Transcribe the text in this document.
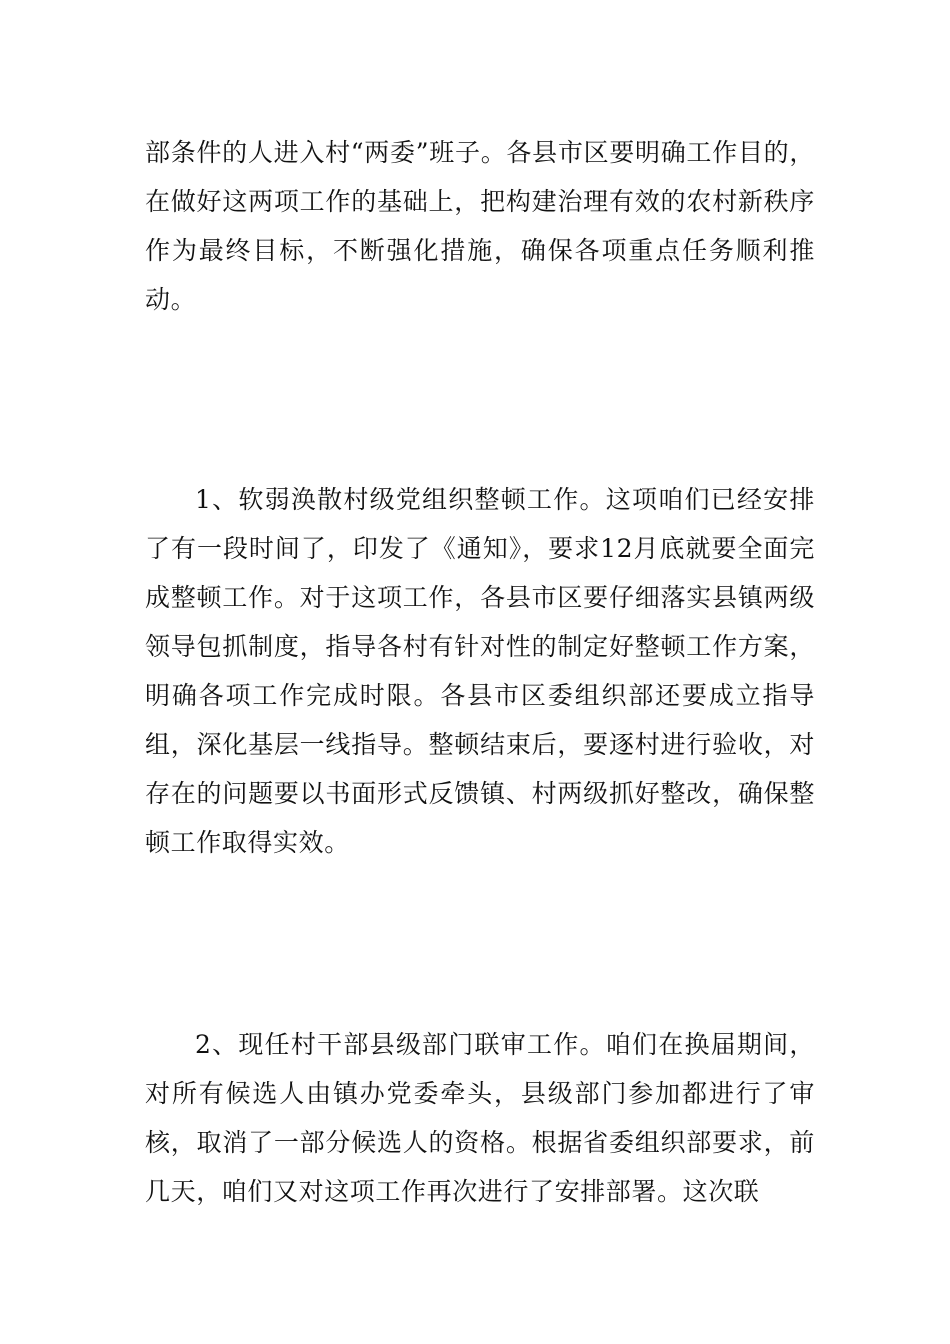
部条件的人进入村“两委”班子。各县市区要明确工作目的，在做好这两项工作的基础上，把构建治理有效的农村新秩序作为最终目标，不断强化措施，确保各项重点任务顺利推动。

1、软弱涣散村级党组织整顿工作。这项咱们已经安排了有一段时间了，印发了《通知》，要求12月底就要全面完成整顿工作。对于这项工作，各县市区要仔细落实县镇两级领导包抓制度，指导各村有针对性的制定好整顿工作方案，明确各项工作完成时限。各县市区委组织部还要成立指导组，深化基层一线指导。整顿结束后，要逐村进行验收，对存在的问题要以书面形式反馈镇、村两级抓好整改，确保整顿工作取得实效。

2、现任村干部县级部门联审工作。咱们在换届期间，对所有候选人由镇办党委牵头，县级部门参加都进行了审核，取消了一部分候选人的资格。根据省委组织部要求，前几天，咱们又对这项工作再次进行了安排部署。这次联
